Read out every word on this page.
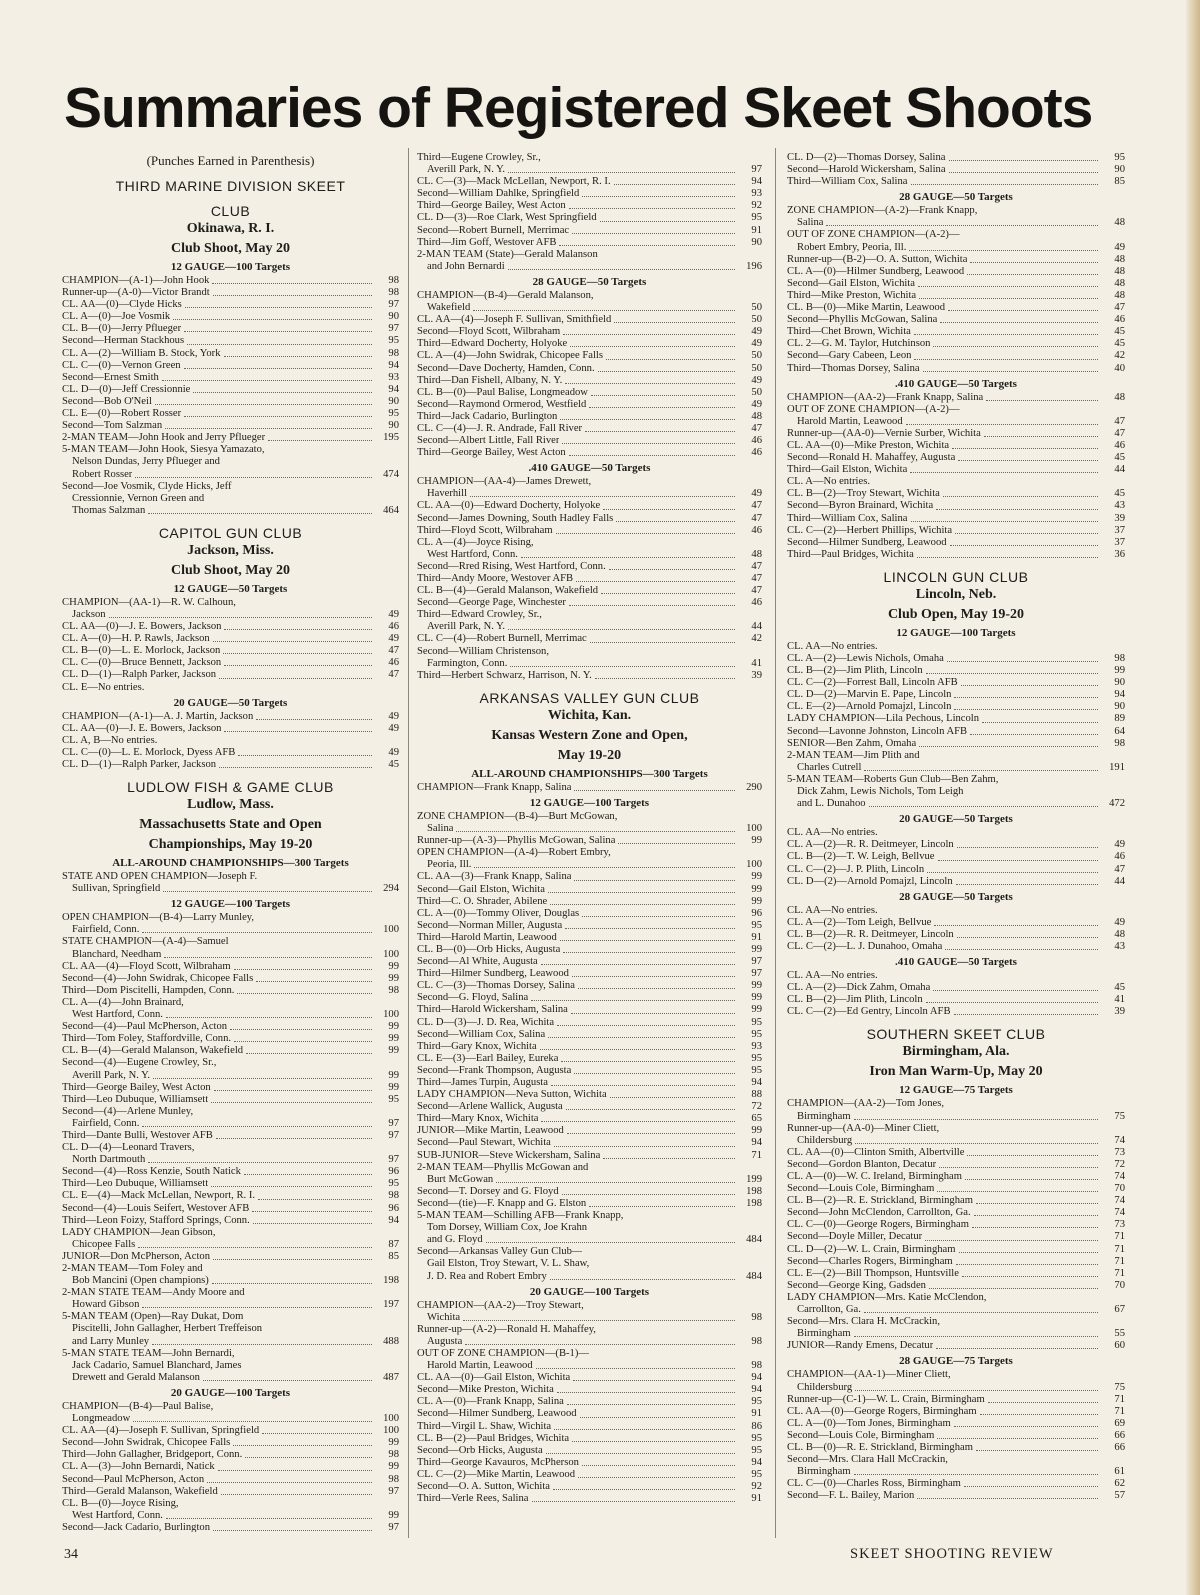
Summaries of Registered Skeet Shoots
(Punches Earned in Parenthesis)
THIRD MARINE DIVISION SKEET
CLUB
Okinawa, R. I.
Club Shoot, May 20
12 GAUGE—100 Targets
CHAMPION—(A-1)—John Hook	98
Runner-up—(A-0)—Victor Brandt	98
CL. AA—(0)—Clyde Hicks	97
CL. A—(0)—Joe Vosmik	90
CL. B—(0)—Jerry Pflueger	97
Second—Herman Stackhous	95
CL. A—(2)—William B. Stock, York	98
CL. C—(0)—Vernon Green	94
Second—Ernest Smith	93
CL. D—(0)—Jeff Cressionnie	94
Second—Bob O'Neil	90
CL. E—(0)—Robert Rosser	95
Second—Tom Salzman	90
2-MAN TEAM—John Hook and Jerry Pflueger	195
5-MAN TEAM—John Hook, Siesya Yamazato,
Nelson Dundas, Jerry Pflueger and
Robert Rosser	474
Second—Joe Vosmik, Clyde Hicks, Jeff
Cressionnie, Vernon Green and
Thomas Salzman	464
CAPITOL GUN CLUB
Jackson, Miss.
Club Shoot, May 20
12 GAUGE—50 Targets
CHAMPION—(AA-1)—R. W. Calhoun,
Jackson	49
CL. AA—(0)—J. E. Bowers, Jackson	46
CL. A—(0)—H. P. Rawls, Jackson	49
CL. B—(0)—L. E. Morlock, Jackson	47
CL. C—(0)—Bruce Bennett, Jackson	46
CL. D—(1)—Ralph Parker, Jackson	47
CL. E—No entries.
20 GAUGE—50 Targets
CHAMPION—(A-1)—A. J. Martin, Jackson	49
CL. AA—(0)—J. E. Bowers, Jackson	49
CL. A, B—No entries.
CL. C—(0)—L. E. Morlock, Dyess AFB	49
CL. D—(1)—Ralph Parker, Jackson	45
LUDLOW FISH & GAME CLUB
Ludlow, Mass.
Massachusetts State and Open
Championships, May 19-20
ALL-AROUND CHAMPIONSHIPS—300 Targets
STATE AND OPEN CHAMPION—Joseph F.
Sullivan, Springfield	294
12 GAUGE—100 Targets
OPEN CHAMPION—(B-4)—Larry Munley,
Fairfield, Conn.	100
STATE CHAMPION—(A-4)—Samuel
Blanchard, Needham	100
CL. AA—(4)—Floyd Scott, Wilbraham	99
Second—(4)—John Swidrak, Chicopee Falls	99
Third—Dom Piscitelli, Hampden, Conn.	98
CL. A—(4)—John Brainard,
West Hartford, Conn.	100
Second—(4)—Paul McPherson, Acton	99
Third—Tom Foley, Staffordville, Conn.	99
CL. B—(4)—Gerald Malanson, Wakefield	99
Second—(4)—Eugene Crowley, Sr.,
Averill Park, N. Y.	99
Third—George Bailey, West Acton	99
Third—Leo Dubuque, Williamsett	95
Second—(4)—Arlene Munley,
Fairfield, Conn.	97
Third—Dante Bulli, Westover AFB	97
CL. D—(4)—Leonard Travers,
North Dartmouth	97
Second—(4)—Ross Kenzie, South Natick	96
Third—Leo Dubuque, Williamsett	95
CL. E—(4)—Mack McLellan, Newport, R. I.	98
Second—(4)—Louis Seifert, Westover AFB	96
Third—Leon Foizy, Stafford Springs, Conn.	94
LADY CHAMPION—Jean Gibson,
Chicopee Falls	87
JUNIOR—Don McPherson, Acton	85
2-MAN TEAM—Tom Foley and
Bob Mancini (Open champions)	198
2-MAN STATE TEAM—Andy Moore and
Howard Gibson	197
5-MAN TEAM (Open)—Ray Dukat, Dom
Piscitelli, John Gallagher, Herbert Treffeison
and Larry Munley	488
5-MAN STATE TEAM—John Bernardi,
Jack Cadario, Samuel Blanchard, James
Drewett and Gerald Malanson	487
20 GAUGE—100 Targets
CHAMPION—(B-4)—Paul Balise,
Longmeadow	100
CL. AA—(4)—Joseph F. Sullivan, Springfield	100
Second—John Swidrak, Chicopee Falls	99
Third—John Gallagher, Bridgeport, Conn.	98
CL. A—(3)—John Bernardi, Natick	99
Second—Paul McPherson, Acton	98
Third—Gerald Malanson, Wakefield	97
CL. B—(0)—Joyce Rising,
West Hartford, Conn.	99
Second—Jack Cadario, Burlington	97
Third—Eugene Crowley, Sr.,
Averill Park, N. Y.	97
CL. C—(3)—Mack McLellan, Newport, R. I.	94
Second—William Dahlke, Springfield	93
Third—George Bailey, West Acton	92
CL. D—(3)—Roe Clark, West Springfield	95
Second—Robert Burnell, Merrimac	91
Third—Jim Goff, Westover AFB	90
2-MAN TEAM (State)—Gerald Malanson
and John Bernardi	196
28 GAUGE—50 Targets
CHAMPION—(B-4)—Gerald Malanson,
Wakefield	50
CL. AA—(4)—Joseph F. Sullivan, Smithfield	50
Second—Floyd Scott, Wilbraham	49
Third—Edward Docherty, Holyoke	49
CL. A—(4)—John Swidrak, Chicopee Falls	50
Second—Dave Docherty, Hamden, Conn.	50
Third—Dan Fishell, Albany, N. Y.	49
CL. B—(0)—Paul Balise, Longmeadow	50
Second—Raymond Ormerod, Westfield	49
Third—Jack Cadario, Burlington	48
CL. C—(4)—J. R. Andrade, Fall River	47
Second—Albert Little, Fall River	46
Third—George Bailey, West Acton	46
.410 GAUGE—50 Targets
CHAMPION—(AA-4)—James Drewett,
Haverhill	49
CL. AA—(0)—Edward Docherty, Holyoke	47
Second—James Downing, South Hadley Falls	47
Third—Floyd Scott, Wilbraham	46
CL. A—(4)—Joyce Rising,
West Hartford, Conn.	48
Second—Rred Rising, West Hartford, Conn.	47
Third—Andy Moore, Westover AFB	47
CL. B—(4)—Gerald Malanson, Wakefield	47
Second—George Page, Winchester	46
Third—Edward Crowley, Sr.,
Averill Park, N. Y.	44
CL. C—(4)—Robert Burnell, Merrimac	42
Second—William Christenson,
Farmington, Conn.	41
Third—Herbert Schwarz, Harrison, N. Y.	39
ARKANSAS VALLEY GUN CLUB
Wichita, Kan.
Kansas Western Zone and Open,
May 19-20
ALL-AROUND CHAMPIONSHIPS—300 Targets
CHAMPION—Frank Knapp, Salina	290
12 GAUGE—100 Targets
ZONE CHAMPION—(B-4)—Burt McGowan,
Salina	100
Runner-up—(A-3)—Phyllis McGowan, Salina	99
OPEN CHAMPION—(A-4)—Robert Embry,
Peoria, Ill.	100
CL. AA—(3)—Frank Knapp, Salina	99
Second—Gail Elston, Wichita	99
Third—C. O. Shrader, Abilene	99
CL. A—(0)—Tommy Oliver, Douglas	96
Second—Norman Miller, Augusta	95
Third—Harold Martin, Leawood	91
CL. B—(0)—Orb Hicks, Augusta	99
Second—Al White, Augusta	97
Third—Hilmer Sundberg, Leawood	97
CL. C—(3)—Thomas Dorsey, Salina	99
Second—G. Floyd, Salina	99
Third—Harold Wickersham, Salina	99
CL. D—(3)—J. D. Rea, Wichita	95
Second—William Cox, Salina	95
Third—Gary Knox, Wichita	93
CL. E—(3)—Earl Bailey, Eureka	95
Second—Frank Thompson, Augusta	95
Third—James Turpin, Augusta	94
LADY CHAMPION—Neva Sutton, Wichita	88
Second—Arlene Wallick, Augusta	72
Third—Mary Knox, Wichita	65
JUNIOR—Mike Martin, Leawood	99
Second—Paul Stewart, Wichita	94
SUB-JUNIOR—Steve Wickersham, Salina	71
2-MAN TEAM—Phyllis McGowan and
Burt McGowan	199
Second—T. Dorsey and G. Floyd	198
Second—(tie)—F. Knapp and G. Elston	198
5-MAN TEAM—Schilling AFB—Frank Knapp,
Tom Dorsey, William Cox, Joe Krahn
and G. Floyd	484
Second—Arkansas Valley Gun Club—
Gail Elston, Troy Stewart, V. L. Shaw,
J. D. Rea and Robert Embry	484
20 GAUGE—100 Targets
CHAMPION—(AA-2)—Troy Stewart,
Wichita	98
Runner-up—(A-2)—Ronald H. Mahaffey,
Augusta	98
OUT OF ZONE CHAMPION—(B-1)—
Harold Martin, Leawood	98
CL. AA—(0)—Gail Elston, Wichita	94
Second—Mike Preston, Wichita	94
CL. A—(0)—Frank Knapp, Salina	95
Second—Hilmer Sundberg, Leawood	91
Third—Virgil L. Shaw, Wichita	86
CL. B—(2)—Paul Bridges, Wichita	95
Second—Orb Hicks, Augusta	95
Third—George Kavauros, McPherson	94
CL. C—(2)—Mike Martin, Leawood	95
Second—O. A. Sutton, Wichita	92
Third—Verle Rees, Salina	91
CL. D—(2)—Thomas Dorsey, Salina	95
Second—Harold Wickersham, Salina	90
Third—William Cox, Salina	85
28 GAUGE—50 Targets
ZONE CHAMPION—(A-2)—Frank Knapp,
Salina	48
OUT OF ZONE CHAMPION—(A-2)—
Robert Embry, Peoria, Ill.	49
Runner-up—(B-2)—O. A. Sutton, Wichita	48
CL. A—(0)—Hilmer Sundberg, Leawood	48
Second—Gail Elston, Wichita	48
Third—Mike Preston, Wichita	48
CL. B—(0)—Mike Martin, Leawood	47
Second—Phyllis McGowan, Salina	46
Third—Chet Brown, Wichita	45
CL. 2—G. M. Taylor, Hutchinson	45
Second—Gary Cabeen, Leon	42
Third—Thomas Dorsey, Salina	40
.410 GAUGE—50 Targets
CHAMPION—(AA-2)—Frank Knapp, Salina	48
OUT OF ZONE CHAMPION—(A-2)—
Harold Martin, Leawood	47
Runner-up—(AA-0)—Vernie Surber, Wichita	47
CL. AA—(0)—Mike Preston, Wichita	46
Second—Ronald H. Mahaffey, Augusta	45
Third—Gail Elston, Wichita	44
CL. A—No entries.
CL. B—(2)—Troy Stewart, Wichita	45
Second—Byron Brainard, Wichita	43
Third—William Cox, Salina	39
CL. C—(2)—Herbert Phillips, Wichita	37
Second—Hilmer Sundberg, Leawood	37
Third—Paul Bridges, Wichita	36
LINCOLN GUN CLUB
Lincoln, Neb.
Club Open, May 19-20
12 GAUGE—100 Targets
CL. AA—No entries.
CL. A—(2)—Lewis Nichols, Omaha	98
CL. B—(2)—Jim Plith, Lincoln	99
CL. C—(2)—Forrest Ball, Lincoln AFB	90
CL. D—(2)—Marvin E. Pape, Lincoln	94
CL. E—(2)—Arnold Pomajzl, Lincoln	90
LADY CHAMPION—Lila Pechous, Lincoln	89
Second—Lavonne Johnston, Lincoln AFB	64
SENIOR—Ben Zahm, Omaha	98
2-MAN TEAM—Jim Plith and
Charles Cutrell	191
5-MAN TEAM—Roberts Gun Club—Ben Zahm,
Dick Zahm, Lewis Nichols, Tom Leigh
and L. Dunahoo	472
20 GAUGE—50 Targets
CL. AA—No entries.
CL. A—(2)—R. R. Deitmeyer, Lincoln	49
CL. B—(2)—T. W. Leigh, Bellvue	46
CL. C—(2)—J. P. Plith, Lincoln	47
CL. D—(2)—Arnold Pomajzl, Lincoln	44
28 GAUGE—50 Targets
CL. AA—No entries.
CL. A—(2)—Tom Leigh, Bellvue	49
CL. B—(2)—R. R. Deitmeyer, Lincoln	48
CL. C—(2)—L. J. Dunahoo, Omaha	43
.410 GAUGE—50 Targets
CL. AA—No entries.
CL. A—(2)—Dick Zahm, Omaha	45
CL. B—(2)—Jim Plith, Lincoln	41
CL. C—(2)—Ed Gentry, Lincoln AFB	39
SOUTHERN SKEET CLUB
Birmingham, Ala.
Iron Man Warm-Up, May 20
12 GAUGE—75 Targets
CHAMPION—(AA-2)—Tom Jones,
Birmingham	75
Runner-up—(AA-0)—Miner Cliett,
Childersburg	74
CL. AA—(0)—Clinton Smith, Albertville	73
Second—Gordon Blanton, Decatur	72
CL. A—(0)—W. C. Ireland, Birmingham	74
Second—Louis Cole, Birmingham	70
CL. B—(2)—R. E. Strickland, Birmingham	74
Second—John McClendon, Carrollton, Ga.	74
CL. C—(0)—George Rogers, Birmingham	73
Second—Doyle Miller, Decatur	71
CL. D—(2)—W. L. Crain, Birmingham	71
Second—Charles Rogers, Birmingham	71
CL. E—(2)—Bill Thompson, Huntsville	71
Second—George King, Gadsden	70
LADY CHAMPION—Mrs. Katie McClendon,
Carrollton, Ga.	67
Second—Mrs. Clara H. McCrackin,
Birmingham	55
JUNIOR—Randy Emens, Decatur	60
28 GAUGE—75 Targets
CHAMPION—(AA-1)—Miner Cliett,
Childersburg	75
Runner-up—(C-1)—W. L. Crain, Birmingham	71
CL. AA—(0)—George Rogers, Birmingham	71
CL. A—(0)—Tom Jones, Birmingham	69
Second—Louis Cole, Birmingham	66
CL. B—(0)—R. E. Strickland, Birmingham	66
Second—Mrs. Clara Hall McCrackin,
Birmingham	61
CL. C—(0)—Charles Ross, Birmingham	62
Second—F. L. Bailey, Marion	57
34	SKEET SHOOTING REVIEW
